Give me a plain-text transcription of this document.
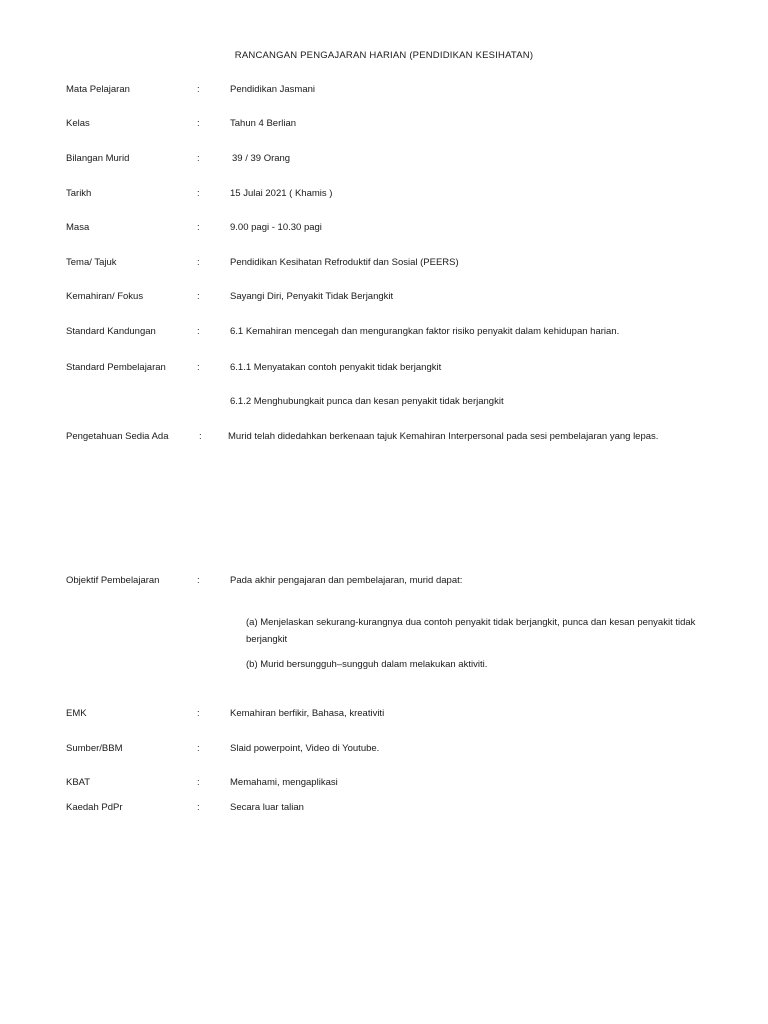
RANCANGAN PENGAJARAN HARIAN (PENDIDIKAN KESIHATAN)
Mata Pelajaran	:	Pendidikan Jasmani
Kelas	:	Tahun 4 Berlian
Bilangan Murid	:	39 / 39 Orang
Tarikh	:	15 Julai 2021 ( Khamis )
Masa	:	9.00 pagi - 10.30 pagi
Tema/ Tajuk	:	Pendidikan Kesihatan Refroduktif dan Sosial (PEERS)
Kemahiran/ Fokus	:	Sayangi Diri, Penyakit Tidak Berjangkit
Standard Kandungan	:	6.1 Kemahiran mencegah dan mengurangkan faktor risiko penyakit dalam kehidupan harian.
Standard Pembelajaran	:	6.1.1 Menyatakan contoh penyakit tidak berjangkit
6.1.2 Menghubungkait punca dan kesan penyakit tidak berjangkit
Pengetahuan Sedia Ada	:	Murid telah didedahkan berkenaan tajuk Kemahiran Interpersonal pada sesi pembelajaran yang lepas.
Objektif Pembelajaran	:	Pada akhir pengajaran dan pembelajaran, murid dapat:
(a) Menjelaskan sekurang-kurangnya dua contoh penyakit tidak berjangkit, punca dan kesan penyakit tidak berjangkit
(b) Murid bersungguh–sungguh dalam melakukan aktiviti.
EMK	:	Kemahiran berfikir, Bahasa, kreativiti
Sumber/BBM	:	Slaid powerpoint, Video di Youtube.
KBAT	:	Memahami, mengaplikasi
Kaedah PdPr	:	Secara luar talian
